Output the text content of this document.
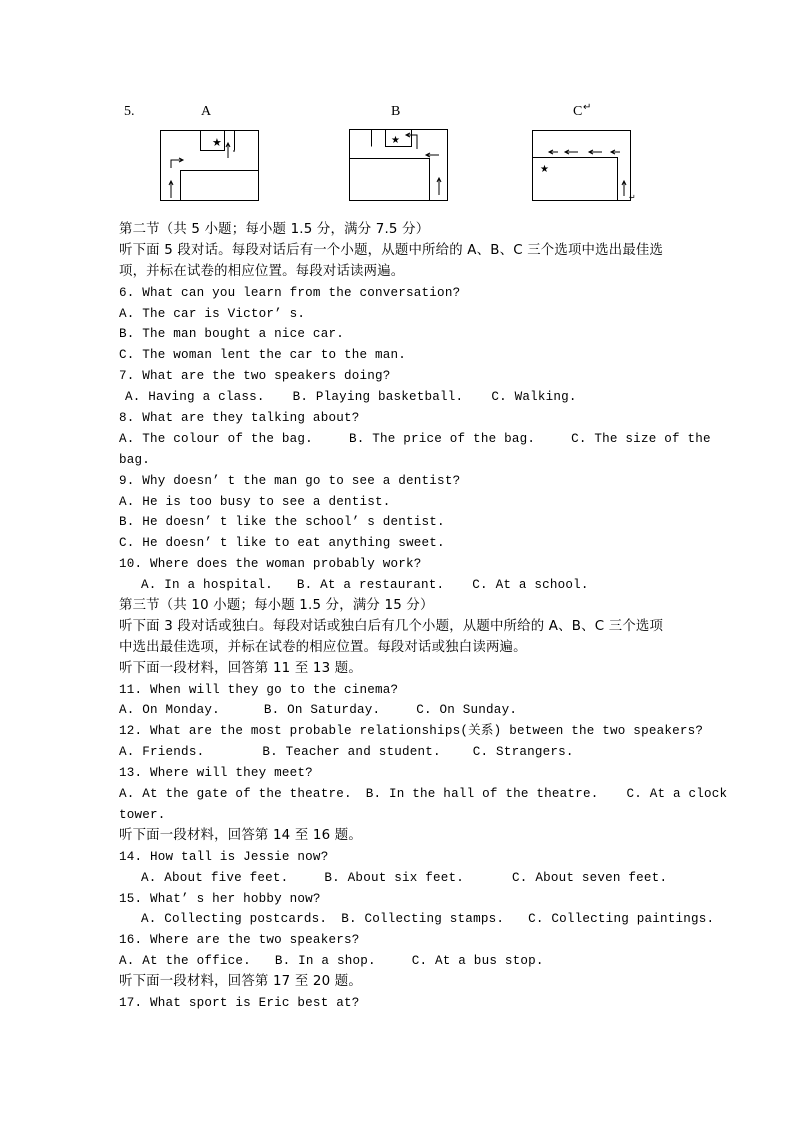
5.	A	B	C ↵
★	★
★
↵
第二节（共 5 小题；每小题 1.5 分，满分 7.5 分）
听下面 5 段对话。每段对话后有一个小题，从题中所给的 A、B、C 三个选项中选出最佳选
项，并标在试卷的相应位置。每段对话读两遍。
6. What can you learn from the conversation?
A. The car is Victor’ s.
B. The man bought a nice car.
C. The woman lent the car to the man.
7. What are the two speakers doing?
A. Having a class. B. Playing basketball. C. Walking.
8. What are they talking about?
A. The colour of the bag.	B. The price of the bag.	C. The size of the
bag.
9. Why doesn’ t the man go to see a dentist?
A. He is too busy to see a dentist.
B. He doesn’ t like the school’ s dentist.
C. He doesn’ t like to eat anything sweet.
10. Where does the woman probably work?
A. In a hospital. B. At a restaurant. C. At a school.
第三节（共 10 小题；每小题 1.5 分，满分 15 分）
听下面 3 段对话或独白。每段对话或独白后有几个小题，从题中所给的 A、B、C 三个选项
中选出最佳选项，并标在试卷的相应位置。每段对话或独白读两遍。
听下面一段材料，回答第 11 至 13 题。
11. When will they go to the cinema?
A. On Monday.	B. On Saturday.	C. On Sunday.
12. What are the most probable relationships(关系) between the two speakers?
A. Friends.	B. Teacher and student.	C. Strangers.
13. Where will they meet?
A. At the gate of the theatre. B. In the hall of the theatre. C. At a clock
tower.
听下面一段材料，回答第 14 至 16 题。
14. How tall is Jessie now?
A. About five feet.	B. About six feet.	C. About seven feet.
15. What’ s her hobby now?
A. Collecting postcards. B. Collecting stamps. C. Collecting paintings.
16. Where are the two speakers?
A. At the office. B. In a shop.	C. At a bus stop.
听下面一段材料，回答第 17 至 20 题。
17. What sport is Eric best at?
